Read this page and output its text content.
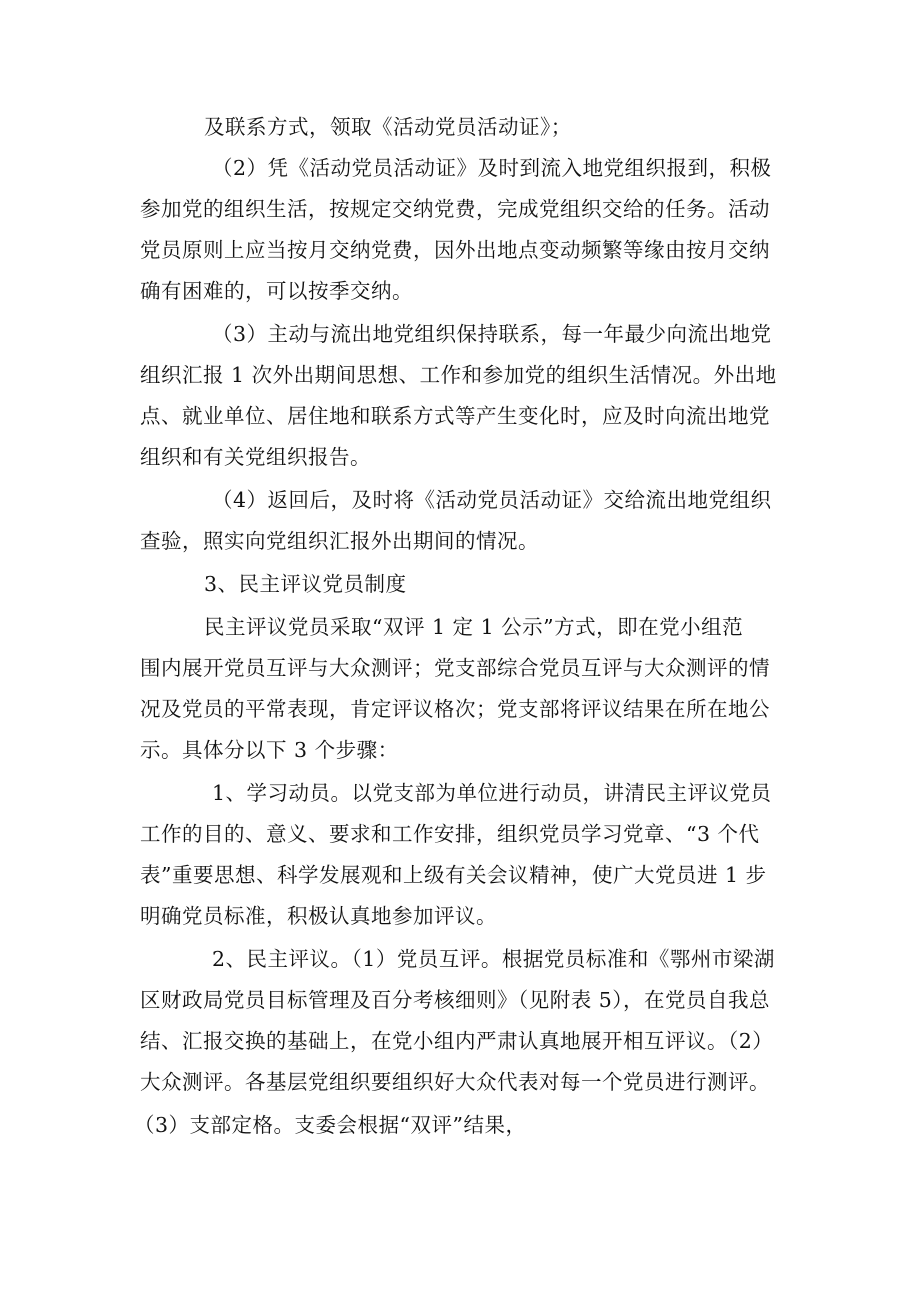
及联系方式，领取《活动党员活动证》；
（2）凭《活动党员活动证》及时到流入地党组织报到，积极
参加党的组织生活，按规定交纳党费，完成党组织交给的任务。活动
党员原则上应当按月交纳党费，因外出地点变动频繁等缘由按月交纳
确有困难的，可以按季交纳。
（3）主动与流出地党组织保持联系，每一年最少向流出地党
组织汇报 1 次外出期间思想、工作和参加党的组织生活情况。外出地
点、就业单位、居住地和联系方式等产生变化时，应及时向流出地党
组织和有关党组织报告。
（4）返回后，及时将《活动党员活动证》交给流出地党组织
查验，照实向党组织汇报外出期间的情况。
3、民主评议党员制度
民主评议党员采取“双评 1 定 1 公示”方式，即在党小组范
围内展开党员互评与大众测评；党支部综合党员互评与大众测评的情
况及党员的平常表现，肯定评议格次；党支部将评议结果在所在地公
示。具体分以下 3 个步骤：
1、学习动员。以党支部为单位进行动员，讲清民主评议党员
工作的目的、意义、要求和工作安排，组织党员学习党章、“3 个代
表”重要思想、科学发展观和上级有关会议精神，使广大党员进 1 步
明确党员标准，积极认真地参加评议。
2、民主评议。（1）党员互评。根据党员标准和《鄂州市梁湖
区财政局党员目标管理及百分考核细则》（见附表 5），在党员自我总
结、汇报交换的基础上，在党小组内严肃认真地展开相互评议。（2）
大众测评。各基层党组织要组织好大众代表对每一个党员进行测评。
（3）支部定格。支委会根据“双评”结果，
